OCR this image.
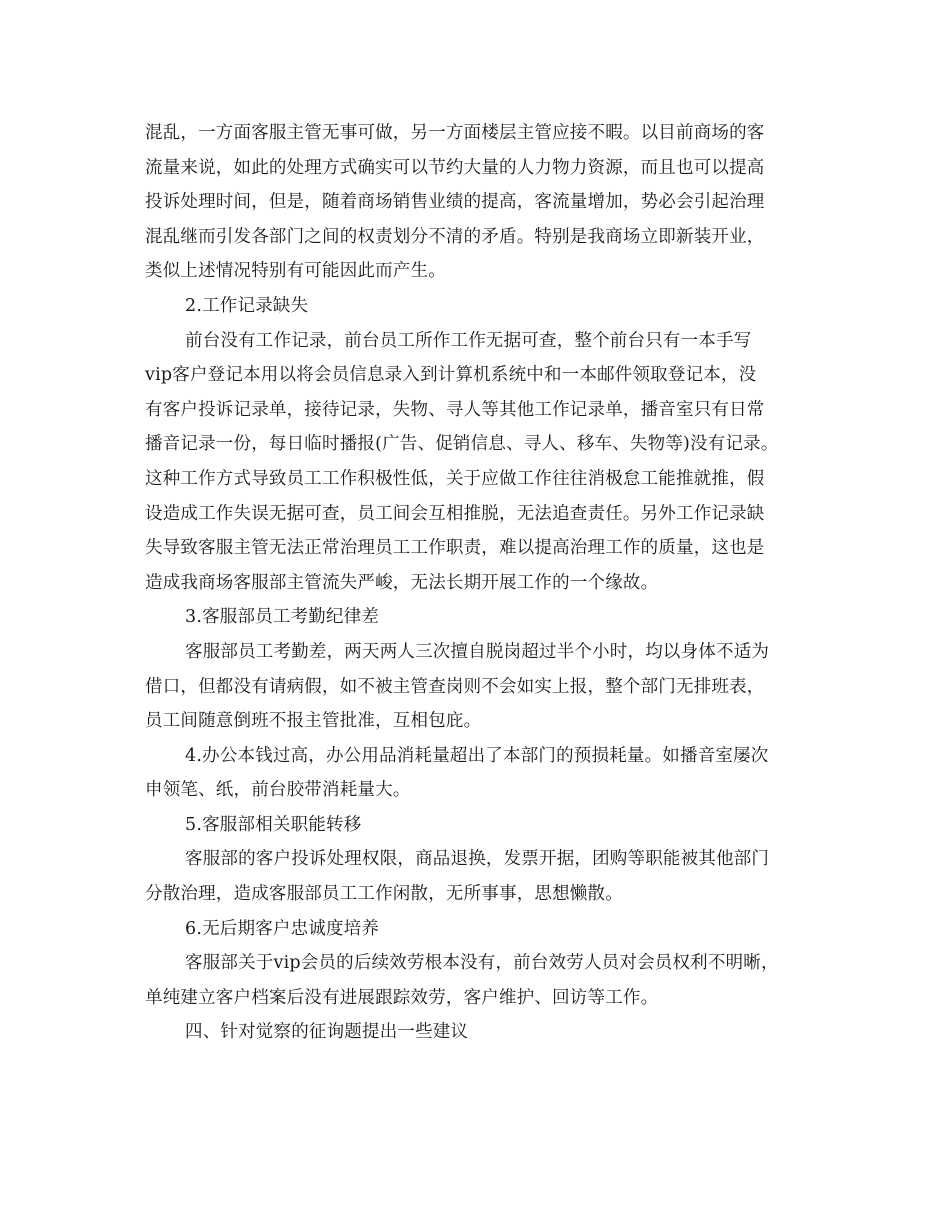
混乱，一方面客服主管无事可做，另一方面楼层主管应接不暇。以目前商场的客
流量来说，如此的处理方式确实可以节约大量的人力物力资源，而且也可以提高
投诉处理时间，但是，随着商场销售业绩的提高，客流量增加，势必会引起治理
混乱继而引发各部门之间的权责划分不清的矛盾。特别是我商场立即新装开业，
类似上述情况特别有可能因此而产生。
2.工作记录缺失
前台没有工作记录，前台员工所作工作无据可查，整个前台只有一本手写
vip客户登记本用以将会员信息录入到计算机系统中和一本邮件领取登记本，没
有客户投诉记录单，接待记录，失物、寻人等其他工作记录单，播音室只有日常
播音记录一份，每日临时播报(广告、促销信息、寻人、移车、失物等)没有记录。
这种工作方式导致员工工作积极性低，关于应做工作往往消极怠工能推就推，假
设造成工作失误无据可查，员工间会互相推脱，无法追查责任。另外工作记录缺
失导致客服主管无法正常治理员工工作职责，难以提高治理工作的质量，这也是
造成我商场客服部主管流失严峻，无法长期开展工作的一个缘故。
3.客服部员工考勤纪律差
客服部员工考勤差，两天两人三次擅自脱岗超过半个小时，均以身体不适为
借口，但都没有请病假，如不被主管查岗则不会如实上报，整个部门无排班表，
员工间随意倒班不报主管批准，互相包庇。
4.办公本钱过高，办公用品消耗量超出了本部门的预损耗量。如播音室屡次
申领笔、纸，前台胶带消耗量大。
5.客服部相关职能转移
客服部的客户投诉处理权限，商品退换，发票开据，团购等职能被其他部门
分散治理，造成客服部员工工作闲散，无所事事，思想懒散。
6.无后期客户忠诚度培养
客服部关于vip会员的后续效劳根本没有，前台效劳人员对会员权利不明晰，
单纯建立客户档案后没有进展跟踪效劳，客户维护、回访等工作。
四、针对觉察的征询题提出一些建议
